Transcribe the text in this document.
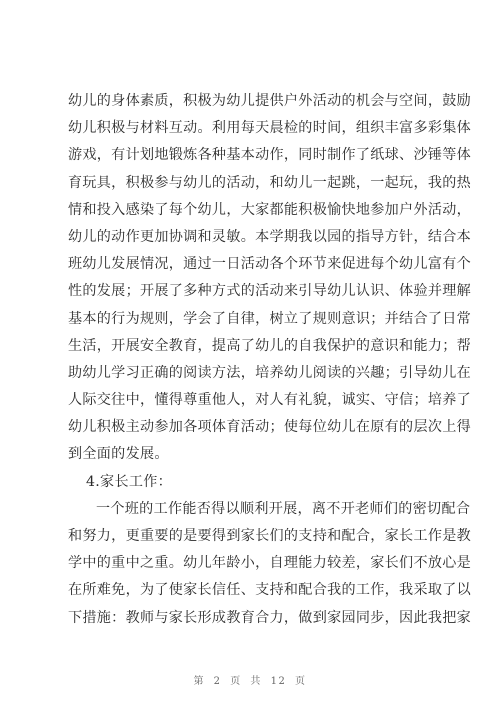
幼儿的身体素质，积极为幼儿提供户外活动的机会与空间，鼓励
幼儿积极与材料互动。利用每天晨检的时间，组织丰富多彩集体
游戏，有计划地锻炼各种基本动作，同时制作了纸球、沙锤等体
育玩具，积极参与幼儿的活动，和幼儿一起跳，一起玩，我的热
情和投入感染了每个幼儿，大家都能积极愉快地参加户外活动，
幼儿的动作更加协调和灵敏。本学期我以园的指导方针，结合本
班幼儿发展情况，通过一日活动各个环节来促进每个幼儿富有个
性的发展；开展了多种方式的活动来引导幼儿认识、体验并理解
基本的行为规则，学会了自律，树立了规则意识；并结合了日常
生活，开展安全教育，提高了幼儿的自我保护的意识和能力；帮
助幼儿学习正确的阅读方法，培养幼儿阅读的兴趣；引导幼儿在
人际交往中，懂得尊重他人，对人有礼貌，诚实、守信；培养了
幼儿积极主动参加各项体育活动；使每位幼儿在原有的层次上得
到全面的发展。
4.家长工作：
一个班的工作能否得以顺利开展，离不开老师们的密切配合
和努力，更重要的是要得到家长们的支持和配合，家长工作是教
学中的重中之重。幼儿年龄小，自理能力较差，家长们不放心是
在所难免，为了使家长信任、支持和配合我的工作，我采取了以
下措施：教师与家长形成教育合力，做到家园同步，因此我把家
第 2 页 共 12 页
